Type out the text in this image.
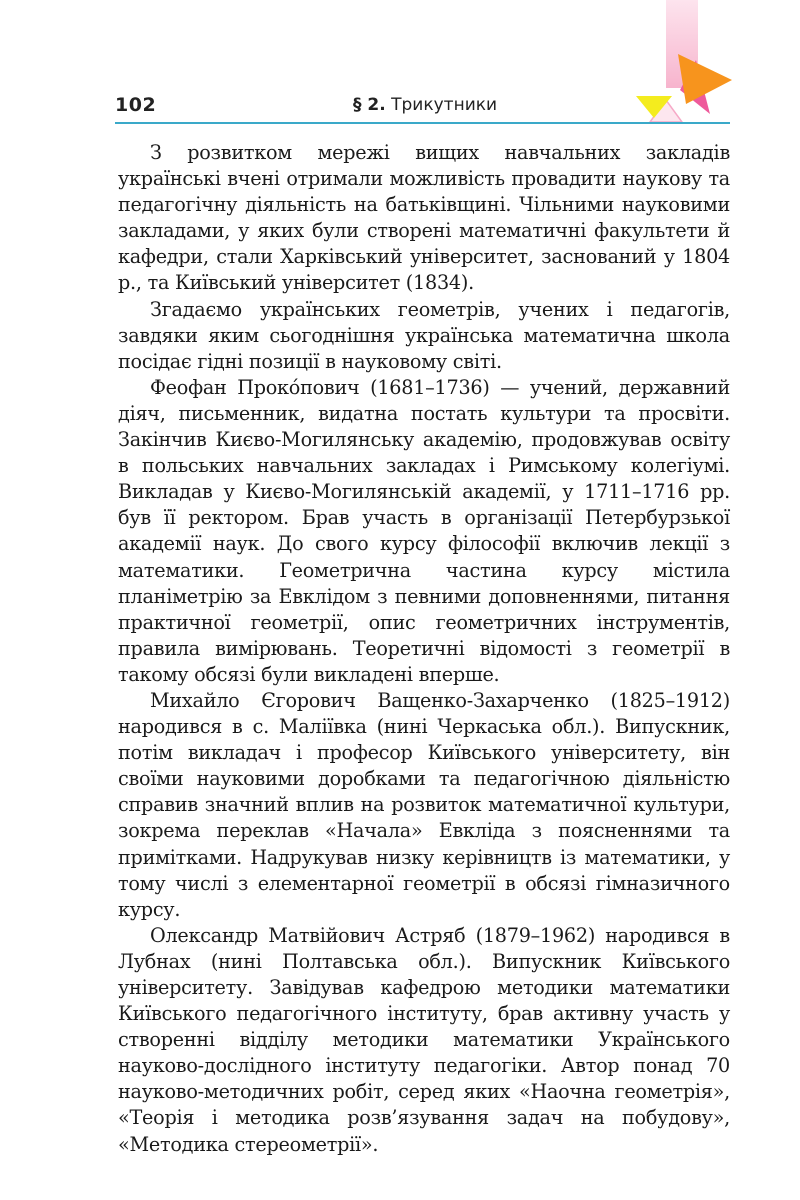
102	§ 2. Трикутники

З розвитком мережі вищих навчальних закладів українські вчені отримали можливість провадити наукову та педагогічну діяльність на батьківщині. Чільними науковими закладами, у яких були створені математичні факультети й кафедри, стали Харківський університет, заснований у 1804 р., та Київський університет (1834).

Згадаємо українських геометрів, учених і педагогів, завдяки яким сьогоднішня українська математична школа посідає гідні позиції в науковому світі.

Феофан Проко́пович (1681–1736) — учений, державний діяч, письменник, видатна постать культури та просвіти. Закінчив Києво-Могилянську академію, продовжував освіту в польських навчальних закладах і Римському колегіумі. Викладав у Києво-Могилянській академії, у 1711–1716 рр. був її ректором. Брав участь в організації Петербурзької академії наук. До свого курсу філософії включив лекції з математики. Геометрична частина курсу містила планіметрію за Евклідом з певними доповненнями, питання практичної геометрії, опис геометричних інструментів, правила вимірювань. Теоретичні відомості з геометрії в такому обсязі були викладені вперше.

Михайло Єгорович Ващенко-Захарченко (1825–1912) народився в с. Маліївка (нині Черкаська обл.). Випускник, потім викладач і професор Київського університету, він своїми науковими доробками та педагогічною діяльністю справив значний вплив на розвиток математичної культури, зокрема переклав «Начала» Евкліда з поясненнями та примітками. Надрукував низку керівництв із математики, у тому числі з елементарної геометрії в обсязі гімназичного курсу.

Олександр Матвійович Астряб (1879–1962) народився в Лубнах (нині Полтавська обл.). Випускник Київського університету. Завідував кафедрою методики математики Київського педагогічного інституту, брав активну участь у створенні відділу методики математики Українського науково-дослідного інституту педагогіки. Автор понад 70 науково-методичних робіт, серед яких «Наочна геометрія», «Теорія і методика розв’язування задач на побудову», «Методика стереометрії».
